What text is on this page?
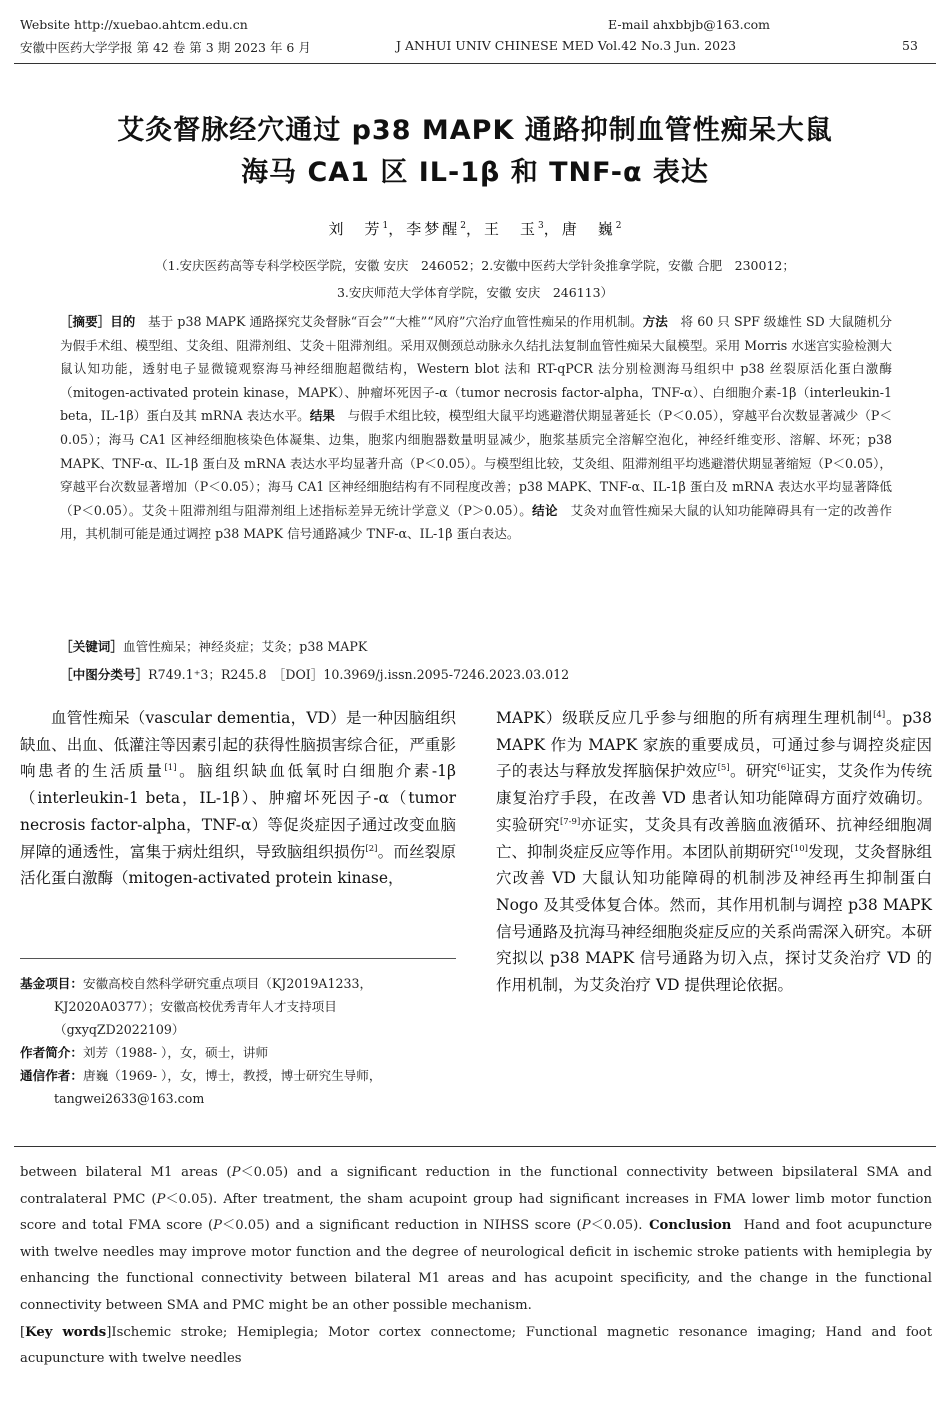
Website http://xuebao.ahtcm.edu.cn	E-mail ahxbbjb@163.com
安徽中医药大学学报 第 42 卷 第 3 期 2023 年 6 月	J ANHUI UNIV CHINESE MED Vol.42 No.3 Jun. 2023	53
艾灸督脉经穴通过 p38 MAPK 通路抑制血管性痴呆大鼠
海马 CA1 区 IL-1β 和 TNF-α 表达
刘　芳$^1$，李梦醒$^2$，王　玉$^3$，唐　巍$^2$
（1.安庆医药高等专科学校医学院，安徽 安庆　246052；2.安徽中医药大学针灸推拿学院，安徽 合肥　230012；
3.安庆师范大学体育学院，安徽 安庆　246113）
［摘要］目的  基于 p38 MAPK 通路探究艾灸督脉“百会”“大椎”“风府”穴治疗血管性痴呆的作用机制。方法  将 60 只 SPF 级雄性 SD 大鼠随机分为假手术组、模型组、艾灸组、阻滞剂组、艾灸＋阻滞剂组。采用双侧颈总动脉永久结扎法复制血管性痴呆大鼠模型。采用 Morris 水迷宫实验检测大鼠认知功能，透射电子显微镜观察海马神经细胞超微结构，Western blot 法和 RT-qPCR 法分别检测海马组织中 p38 丝裂原活化蛋白激酶（mitogen-activated protein kinase，MAPK）、肿瘤坏死因子-α（tumor necrosis factor-alpha，TNF-α）、白细胞介素-1β（interleukin-1 beta，IL-1β）蛋白及其 mRNA 表达水平。结果  与假手术组比较，模型组大鼠平均逃避潜伏期显著延长（P＜0.05），穿越平台次数显著减少（P＜0.05）；海马 CA1 区神经细胞核染色体凝集、边集，胞浆内细胞器数量明显减少，胞浆基质完全溶解空泡化，神经纤维变形、溶解、坏死；p38 MAPK、TNF-α、IL-1β 蛋白及 mRNA 表达水平均显著升高（P＜0.05）。与模型组比较，艾灸组、阻滞剂组平均逃避潜伏期显著缩短（P＜0.05），穿越平台次数显著增加（P＜0.05）；海马 CA1 区神经细胞结构有不同程度改善；p38 MAPK、TNF-α、IL-1β 蛋白及 mRNA 表达水平均显著降低（P＜0.05）。艾灸＋阻滞剂组与阻滞剂组上述指标差异无统计学意义（P＞0.05）。结论  艾灸对血管性痴呆大鼠的认知功能障碍具有一定的改善作用，其机制可能是通过调控 p38 MAPK 信号通路减少 TNF-α、IL-1β 蛋白表达。
［关键词］血管性痴呆；神经炎症；艾灸；p38 MAPK
［中图分类号］R749.1⁺3；R245.8　［DOI］10.3969/j.issn.2095-7246.2023.03.012
血管性痴呆（vascular dementia，VD）是一种因脑组织缺血、出血、低灌注等因素引起的获得性脑损害综合征，严重影响患者的生活质量[1]。脑组织缺血低氧时白细胞介素-1β（interleukin-1 beta，IL-1β）、肿瘤坏死因子-α（tumor necrosis factor-alpha，TNF-α）等促炎症因子通过改变血脑屏障的通透性，富集于病灶组织，导致脑组织损伤[2]。而丝裂原活化蛋白激酶（mitogen-activated protein kinase，
基金项目：安徽高校自然科学研究重点项目（KJ2019A1233，
KJ2020A0377）；安徽高校优秀青年人才支持项目
（gxyqZD2022109）
作者简介：刘芳（1988- ），女，硕士，讲师
通信作者：唐巍（1969- ），女，博士，教授，博士研究生导师，
tangwei2633@163.com
MAPK）级联反应几乎参与细胞的所有病理生理机制[4]。p38 MAPK 作为 MAPK 家族的重要成员，可通过参与调控炎症因子的表达与释放发挥脑保护效应[5]。研究[6]证实，艾灸作为传统康复治疗手段，在改善 VD 患者认知功能障碍方面疗效确切。实验研究[7-9]亦证实，艾灸具有改善脑血液循环、抗神经细胞凋亡、抑制炎症反应等作用。本团队前期研究[10]发现，艾灸督脉组穴改善 VD 大鼠认知功能障碍的机制涉及神经再生抑制蛋白 Nogo 及其受体复合体。然而，其作用机制与调控 p38 MAPK 信号通路及抗海马神经细胞炎症反应的关系尚需深入研究。本研究拟以 p38 MAPK 信号通路为切入点，探讨艾灸治疗 VD 的作用机制，为艾灸治疗 VD 提供理论依据。
between bilateral M1 areas (P＜0.05) and a significant reduction in the functional connectivity between bipsilateral SMA and contralateral PMC (P＜0.05). After treatment, the sham acupoint group had significant increases in FMA lower limb motor function score and total FMA score (P＜0.05) and a significant reduction in NIHSS score (P＜0.05).  Conclusion  Hand and foot acupuncture with twelve needles may improve motor function and the degree of neurological deficit in ischemic stroke patients with hemiplegia by enhancing the functional connectivity between bilateral M1 areas and has acupoint specificity, and the change in the functional connectivity between SMA and PMC might be an other possible mechanism.
[Key words]Ischemic stroke; Hemiplegia; Motor cortex connectome; Functional magnetic resonance imaging; Hand and foot acupuncture with twelve needles
